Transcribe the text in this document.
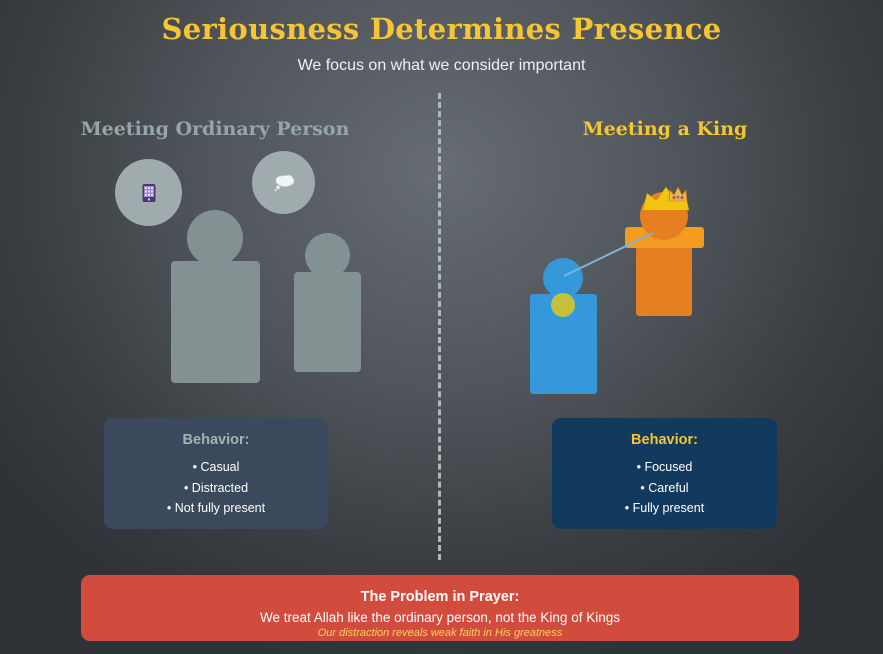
Seriousness Determines Presence
We focus on what we consider important
Meeting Ordinary Person
Behavior:
• Casual
• Distracted
• Not fully present
Meeting a King
Behavior:
• Focused
• Careful
• Fully present
The Problem in Prayer:
We treat Allah like the ordinary person, not the King of Kings
Our distraction reveals weak faith in His greatness
